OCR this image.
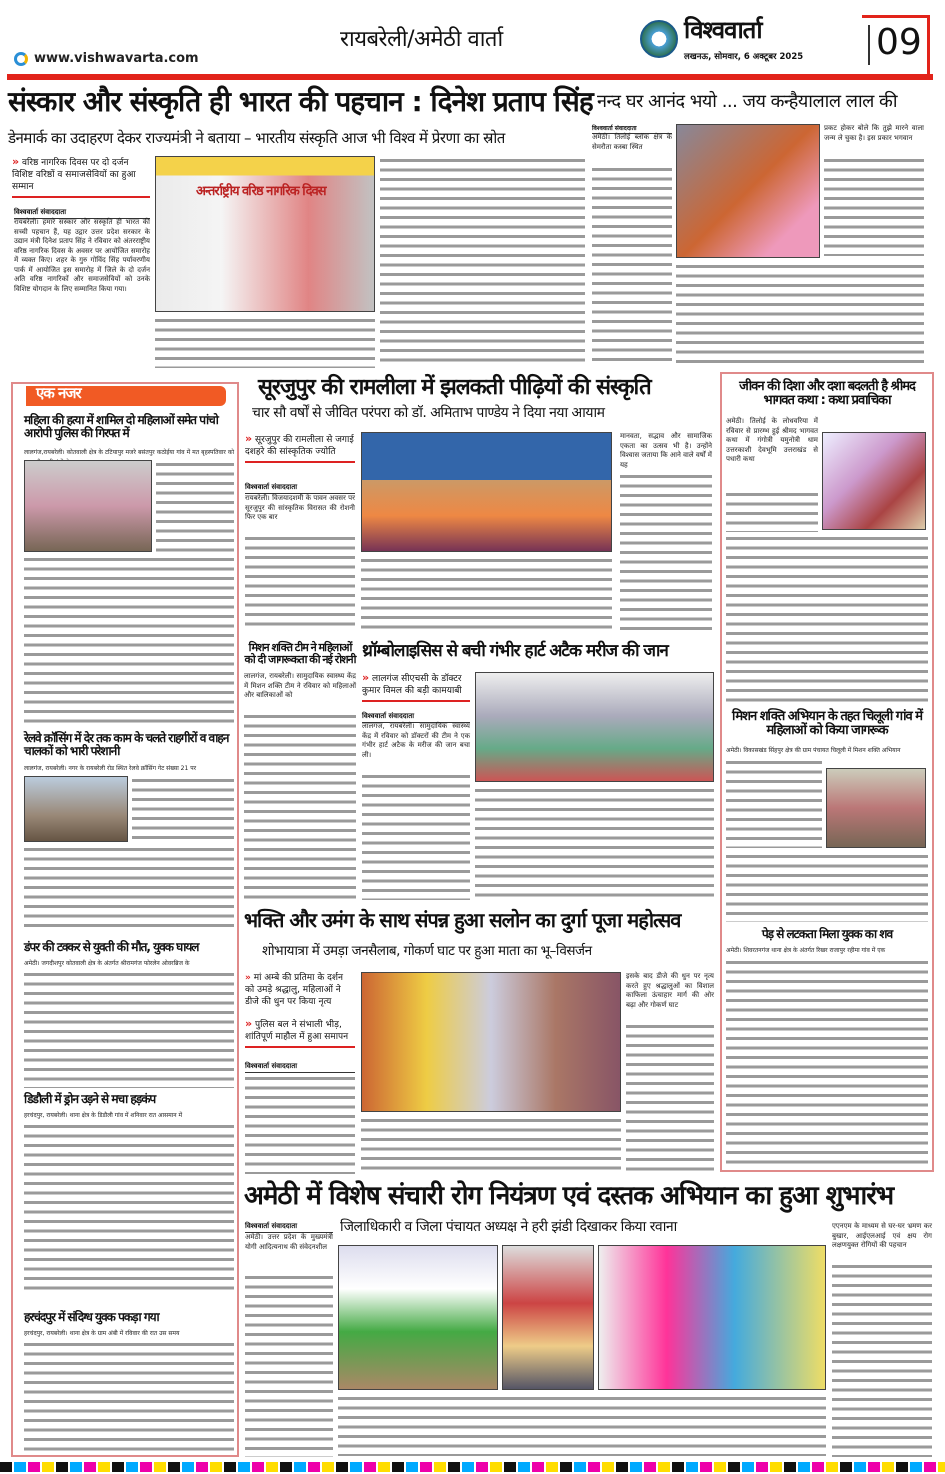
www.vishwavarta.com
रायबरेली/अमेठी वार्ता	विश्ववार्ता
लखनऊ, सोमवार, 6 अक्टूबर 2025 09
संस्कार और संस्कृति ही भारत की पहचान : दिनेश प्रताप सिंह
डेनमार्क का उदाहरण देकर राज्यमंत्री ने बताया – भारतीय संस्कृति आज भी विश्व में प्रेरणा का स्रोत
» वरिष्ठ नागरिक दिवस पर दो दर्जन विशिष्ट वरिष्ठों व समाजसेवियों का हुआ सम्मान
विश्ववार्ता संवाददाता
रायबरेली। हमारे संस्कार और संस्कृति ही भारत की सच्ची पहचान हैं, यह उद्गार उत्तर प्रदेश सरकार के उद्यान मंत्री दिनेश प्रताप सिंह ने रविवार को अंतरराष्ट्रीय वरिष्ठ नागरिक दिवस के अवसर पर आयोजित समारोह में व्यक्त किए। शहर के गुरु गोविंद सिंह पर्यावरणीय पार्क में आयोजित इस समारोह में जिले के दो दर्जन अति वरिष्ठ नागरिकों और समाजसेवियों को उनके विशिष्ट योगदान के लिए सम्मानित किया गया।
अन्तर्राष्ट्रीय वरिष्ठ नागरिक दिवस
नन्द घर आनंद भयो ... जय कन्हैयालाल लाल की
विश्ववार्ता संवाददाता
अमेठी। तिलोई ब्लॉक क्षेत्र के सेमरौता कस्बा स्थित
प्रकट होकर बोले कि तुझे मारने वाला जन्म ले चुका है। इस प्रकार भगवान
एक नजर
महिला की हत्या में शामिल दो महिलाओं समेत पांचो आरोपी पुलिस की गिरफ्त में
लालगंज,रायबरेली। कोतवाली क्षेत्र के टटियापुर मजरे बसंतपुर कठोईया गांव में मत बृहस्पतिवार को
रेलवे क्रॉसिंग में देर तक काम के चलते राहगीरों व वाहन चालकों को भारी परेशानी
लालगंज, रायबरेली। नगर के रायबरेली रोड स्थित रेलवे क्रॉसिंग गेट संख्या 21 पर
डंपर की टक्कर से युवती की मौत, युवक घायल
अमेठी। जगदीशपुर कोतवाली क्षेत्र के अंतर्गत श्रीरामगंज फोरलेन ओवरब्रिज के
डिडौली में ड्रोन उड़ने से मचा हड़कंप
हरचंदपुर, रायबरेली। थाना क्षेत्र के डिडौली गांव में शनिवार रात आसमान में
हरचंदपुर में संदिग्ध युवक पकड़ा गया
हरचंदपुर, रायबरेली। थाना क्षेत्र के ग्राम अंबी में रविवार की रात उस समय
सूरजुपुर की रामलीला में झलकती पीढ़ियों की संस्कृति
चार सौ वर्षों से जीवित परंपरा को डॉ. अमिताभ पाण्डेय ने दिया नया आयाम
» सूरजुपुर की रामलीला से जगाई दशहरे की सांस्कृतिक ज्योति
विश्ववार्ता संवाददाता
रायबरेली। विजयादशमी के पावन अवसर पर सूरजुपुर की सांस्कृतिक विरासत की रोशनी फिर एक बार
मानवता, सद्भाव और सामाजिक एकता का उत्सव भी है। उन्होंने विश्वास जताया कि आने वाले वर्षों में यह
मिशन शक्ति टीम ने महिलाओं को दी जागरूकता की नई रोशनी
लालगंज, रायबरेली। सामुदायिक स्वास्थ्य केंद्र में मिशन शक्ति टीम ने रविवार को महिलाओं और बालिकाओं को
थ्रॉम्बोलाइसिस से बची गंभीर हार्ट अटैक मरीज की जान
» लालगंज सीएचसी के डॉक्टर कुमार विमल की बड़ी कामयाबी
विश्ववार्ता संवाददाता
लालगंज, रायबरेली। सामुदायिक स्वास्थ्य केंद्र में रविवार को डॉक्टरों की टीम ने एक गंभीर हार्ट अटैक के मरीज की जान बचा ली।
जीवन की दिशा और दशा बदलती है श्रीमद भागवत कथा : कथा प्रवाचिका
अमेठी। तिलोई के लोधवरिया में रविवार से प्रारम्भ हुई श्रीमद भागवत कथा में गंगोत्री यमुनोत्री धाम उत्तरकाशी देवभूमि उत्तराखंड से पधारी कथा
मिशन शक्ति अभियान के तहत चिलूली गांव में महिलाओं को किया जागरूक
अमेठी। विकासखंड सिंहपुर क्षेत्र की ग्राम पंचायत चिलूली में मिशन शक्ति अभियान
पेड़ से लटकता मिला युवक का शव
अमेठी। शिवरतनगंज थाना क्षेत्र के अंतर्गत रिखर राजापुर रहीमा गांव में एक
भक्ति और उमंग के साथ संपन्न हुआ सलोन का दुर्गा पूजा महोत्सव
शोभायात्रा में उमड़ा जनसैलाब, गोकर्ण घाट पर हुआ माता का भू–विसर्जन
» मां अम्बे की प्रतिमा के दर्शन को उमड़े श्रद्धालु, महिलाओं ने डीजे की धुन पर किया नृत्य
» पुलिस बल ने संभाली भीड़, शांतिपूर्ण माहौल में हुआ समापन
विश्ववार्ता संवाददाता
इसके बाद डीजे की धुन पर नृत्य करते हुए श्रद्धालुओं का विशाल काफिला ऊंचाहार मार्ग की ओर बढ़ा और गोकर्ण घाट
अमेठी में विशेष संचारी रोग नियंत्रण एवं दस्तक अभियान का हुआ शुभारंभ
जिलाधिकारी व जिला पंचायत अध्यक्ष ने हरी झंडी दिखाकर किया रवाना
विश्ववार्ता संवाददाता
अमेठी। उत्तर प्रदेश के मुख्यमंत्री योगी आदित्यनाथ की संवेदनशील
एएनएम के माध्यम से घर-घर भ्रमण कर बुखार, आईएलआई एवं क्षय रोग लक्षणयुक्त रोगियों की पहचान
